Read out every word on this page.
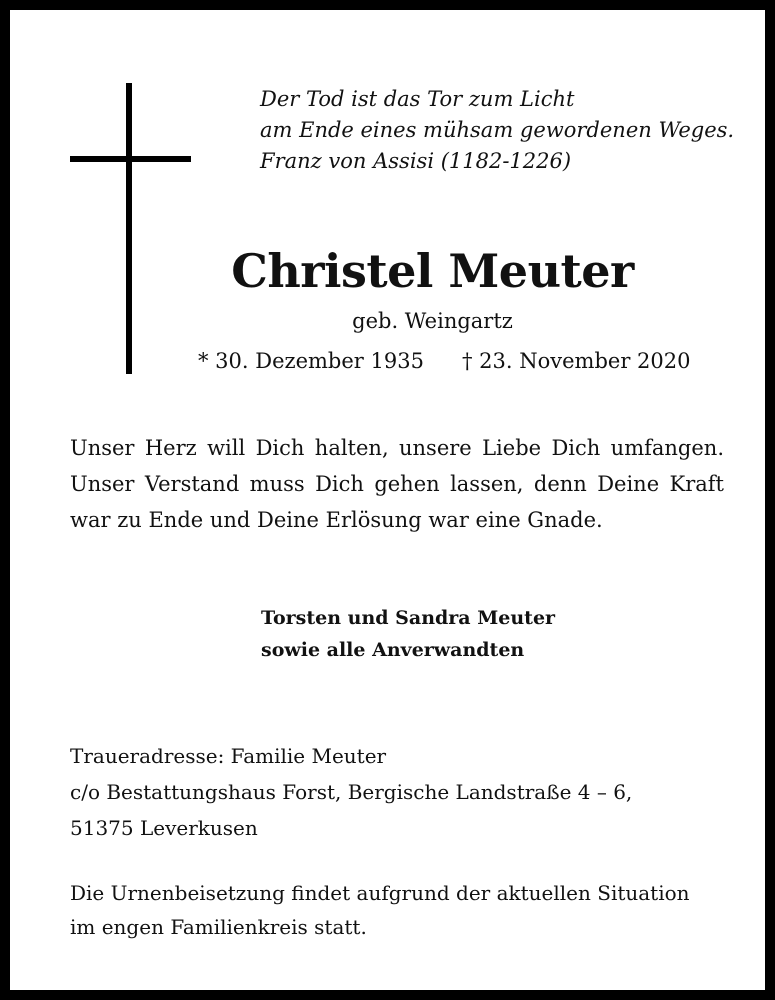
Der Tod ist das Tor zum Licht
am Ende eines mühsam gewordenen Weges.
Franz von Assisi (1182-1226)
Christel Meuter
geb. Weingartz
* 30. Dezember 1935 † 23. November 2020
Unser Herz will Dich halten, unsere Liebe Dich umfangen.
Unser Verstand muss Dich gehen lassen, denn Deine Kraft
war zu Ende und Deine Erlösung war eine Gnade.
Torsten und Sandra Meuter
sowie alle Anverwandten
Traueradresse: Familie Meuter
c/o Bestattungshaus Forst, Bergische Landstraße 4 – 6,
51375 Leverkusen
Die Urnenbeisetzung findet aufgrund der aktuellen Situation
im engen Familienkreis statt.
